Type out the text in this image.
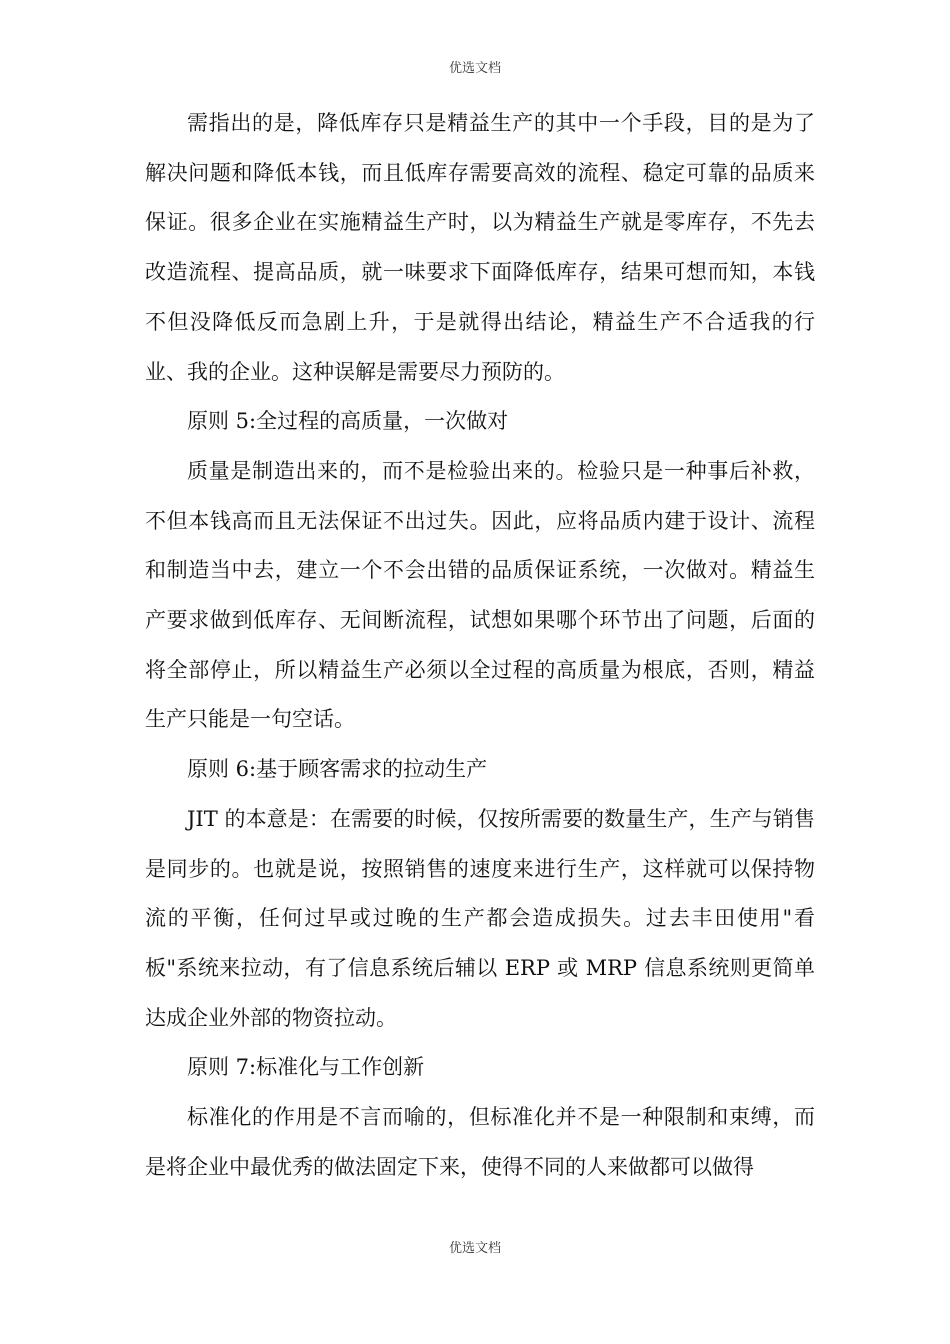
优选文档

需指出的是，降低库存只是精益生产的其中一个手段，目的是为了解决问题和降低本钱，而且低库存需要高效的流程、稳定可靠的品质来保证。很多企业在实施精益生产时，以为精益生产就是零库存，不先去改造流程、提高品质，就一味要求下面降低库存，结果可想而知，本钱不但没降低反而急剧上升，于是就得出结论，精益生产不合适我的行业、我的企业。这种误解是需要尽力预防的。

原则 5:全过程的高质量，一次做对

质量是制造出来的，而不是检验出来的。检验只是一种事后补救，不但本钱高而且无法保证不出过失。因此，应将品质内建于设计、流程和制造当中去，建立一个不会出错的品质保证系统，一次做对。精益生产要求做到低库存、无间断流程，试想如果哪个环节出了问题，后面的将全部停止，所以精益生产必须以全过程的高质量为根底，否则，精益生产只能是一句空话。

原则 6:基于顾客需求的拉动生产

JIT 的本意是：在需要的时候，仅按所需要的数量生产，生产与销售是同步的。也就是说，按照销售的速度来进行生产，这样就可以保持物流的平衡，任何过早或过晚的生产都会造成损失。过去丰田使用"看板"系统来拉动，有了信息系统后辅以 ERP 或 MRP 信息系统则更简单达成企业外部的物资拉动。

原则 7:标准化与工作创新

标准化的作用是不言而喻的，但标准化并不是一种限制和束缚，而是将企业中最优秀的做法固定下来，使得不同的人来做都可以做得

优选文档
